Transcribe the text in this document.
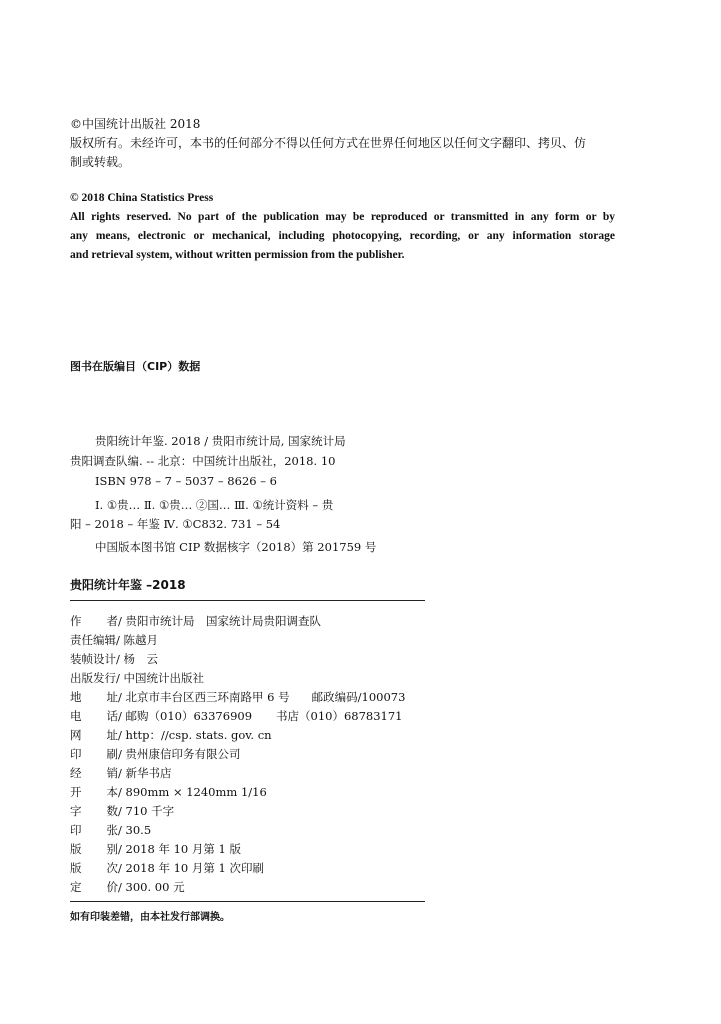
©中国统计出版社 2018
版权所有。未经许可，本书的任何部分不得以任何方式在世界任何地区以任何文字翻印、拷贝、仿
制或转载。
© 2018 China Statistics Press
All rights reserved. No part of the publication may be reproduced or transmitted in any form or by
any means, electronic or mechanical, including photocopying, recording, or any information storage
and retrieval system, without written permission from the publisher.
图书在版编目（CIP）数据
贵阳统计年鉴. 2018 / 贵阳市统计局, 国家统计局
贵阳调查队编. -- 北京：中国统计出版社，2018. 10
ISBN 978 – 7 – 5037 – 8626 – 6
Ⅰ. ①贵… Ⅱ. ①贵… ②国… Ⅲ. ①统计资料 – 贵
阳 – 2018 – 年鉴 Ⅳ. ①C832. 731 – 54
中国版本图书馆 CIP 数据核字（2018）第 201759 号
贵阳统计年鉴 –2018
作者/ 贵阳市统计局　国家统计局贵阳调查队
责任编辑/ 陈越月
装帧设计/ 杨　云
出版发行/ 中国统计出版社
地址/ 北京市丰台区西三环南路甲 6 号 邮政编码/100073
电话/ 邮购（010）63376909 书店（010）68783171
网址/ http：//csp. stats. gov. cn
印刷/ 贵州康信印务有限公司
经销/ 新华书店
开本/ 890mm × 1240mm 1/16
字数/ 710 千字
印张/ 30.5
版别/ 2018 年 10 月第 1 版
版次/ 2018 年 10 月第 1 次印刷
定价/ 300. 00 元
如有印装差错，由本社发行部调换。
